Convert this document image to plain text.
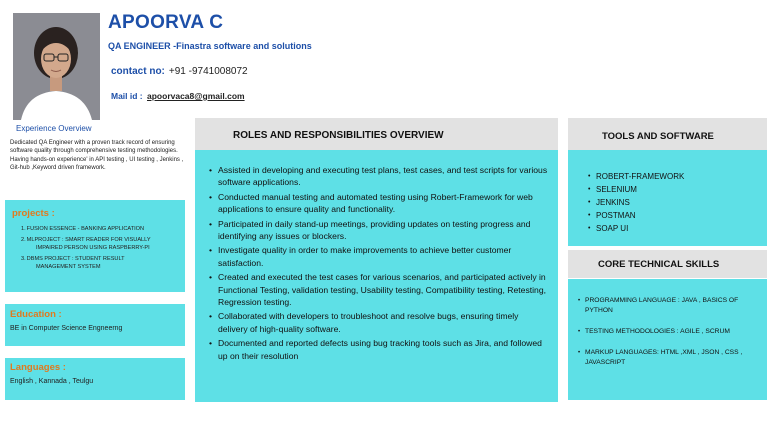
APOORVA C
QA ENGINEER -Finastra software and solutions
contact no: +91 -9741008072
Mail id : apoorvaca8@gmail.com
Experience Overview
Dedicated QA Engineer with a proven track record of ensuring software quality through comprehensive testing methodologies. Having hands-on experience' in API testing , UI testing , Jenkins , Git-hub ,Keyword driven framework.
projects :
1.FUSION ESSENCE - BANKING APPLICATION
2.MLPROJECT : SMART READER FOR VISUALLY
IMPAIRED PERSON USING RASPBERRY-PI
3.DBMS PROJECT : STUDENT RESULT
MANAGEMENT SYSTEM
Education :
BE in Computer Science Engneerng
Languages :
English , Kannada , Teulgu
ROLES AND RESPONSIBILITIES OVERVIEW
• Assisted in developing and executing test plans, test cases, and test scripts for various software applications.
• Conducted manual testing and automated testing using Robert-Framework for web applications to ensure quality and functionality.
• Participated in daily stand-up meetings, providing updates on testing progress and identifying any issues or blockers.
• Investigate quality in order to make improvements to achieve better customer satisfaction.
• Created and executed the test cases for various scenarios, and participated actively in Functional Testing, validation testing, Usability testing, Compatibility testing, Retesting, Regression testing.
• Collaborated with developers to troubleshoot and resolve bugs, ensuring timely delivery of high-quality software.
• Documented and reported defects using bug tracking tools such as Jira, and followed up on their resolution
TOOLS AND SOFTWARE
• ROBERT-FRAMEWORK
• SELENIUM
• JENKINS
• POSTMAN
• SOAP UI
CORE TECHNICAL SKILLS
• PROGRAMMING LANGUAGE : JAVA , BASICS OF PYTHON
• TESTING METHODOLOGIES : AGILE , SCRUM
• MARKUP LANGUAGES: HTML ,XML , JSON , CSS , JAVASCRIPT
